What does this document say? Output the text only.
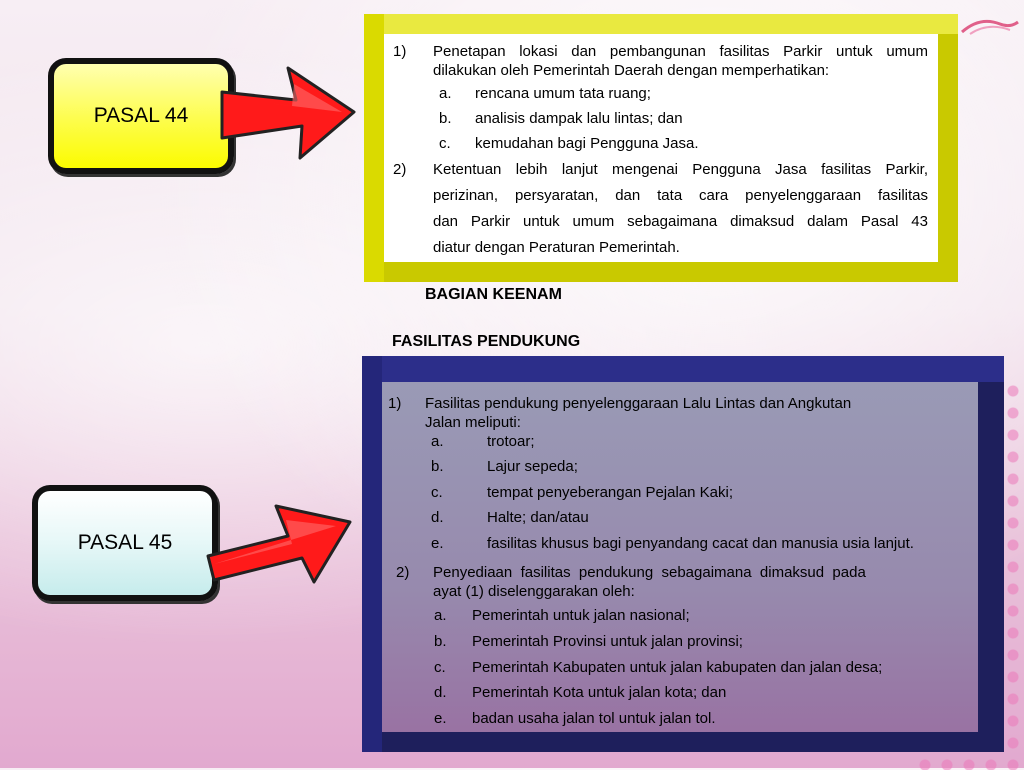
PASAL 44
PASAL 45
1) Penetapan lokasi dan pembangunan fasilitas Parkir untuk umum
dilakukan oleh Pemerintah Daerah dengan memperhatikan:
a. rencana umum tata ruang;
b. analisis dampak lalu lintas; dan
c. kemudahan bagi Pengguna Jasa.
2) Ketentuan lebih lanjut mengenai Pengguna Jasa fasilitas Parkir,
perizinan, persyaratan, dan tata cara penyelenggaraan fasilitas
dan Parkir untuk umum sebagaimana dimaksud dalam Pasal 43
diatur dengan Peraturan Pemerintah.
BAGIAN KEENAM
FASILITAS PENDUKUNG
1) Fasilitas pendukung penyelenggaraan Lalu Lintas dan Angkutan
Jalan meliputi:
a.	trotoar;
b.	Lajur sepeda;
c.	tempat penyeberangan Pejalan Kaki;
d.	Halte; dan/atau
e.	fasilitas khusus bagi penyandang cacat dan manusia usia lanjut.
2) Penyediaan  fasilitas  pendukung  sebagaimana  dimaksud  pada
ayat (1) diselenggarakan oleh:
a. Pemerintah untuk jalan nasional;
b. Pemerintah Provinsi untuk jalan provinsi;
c. Pemerintah Kabupaten untuk jalan kabupaten dan jalan desa;
d. Pemerintah Kota untuk jalan kota; dan
e. badan usaha jalan tol untuk jalan tol.
